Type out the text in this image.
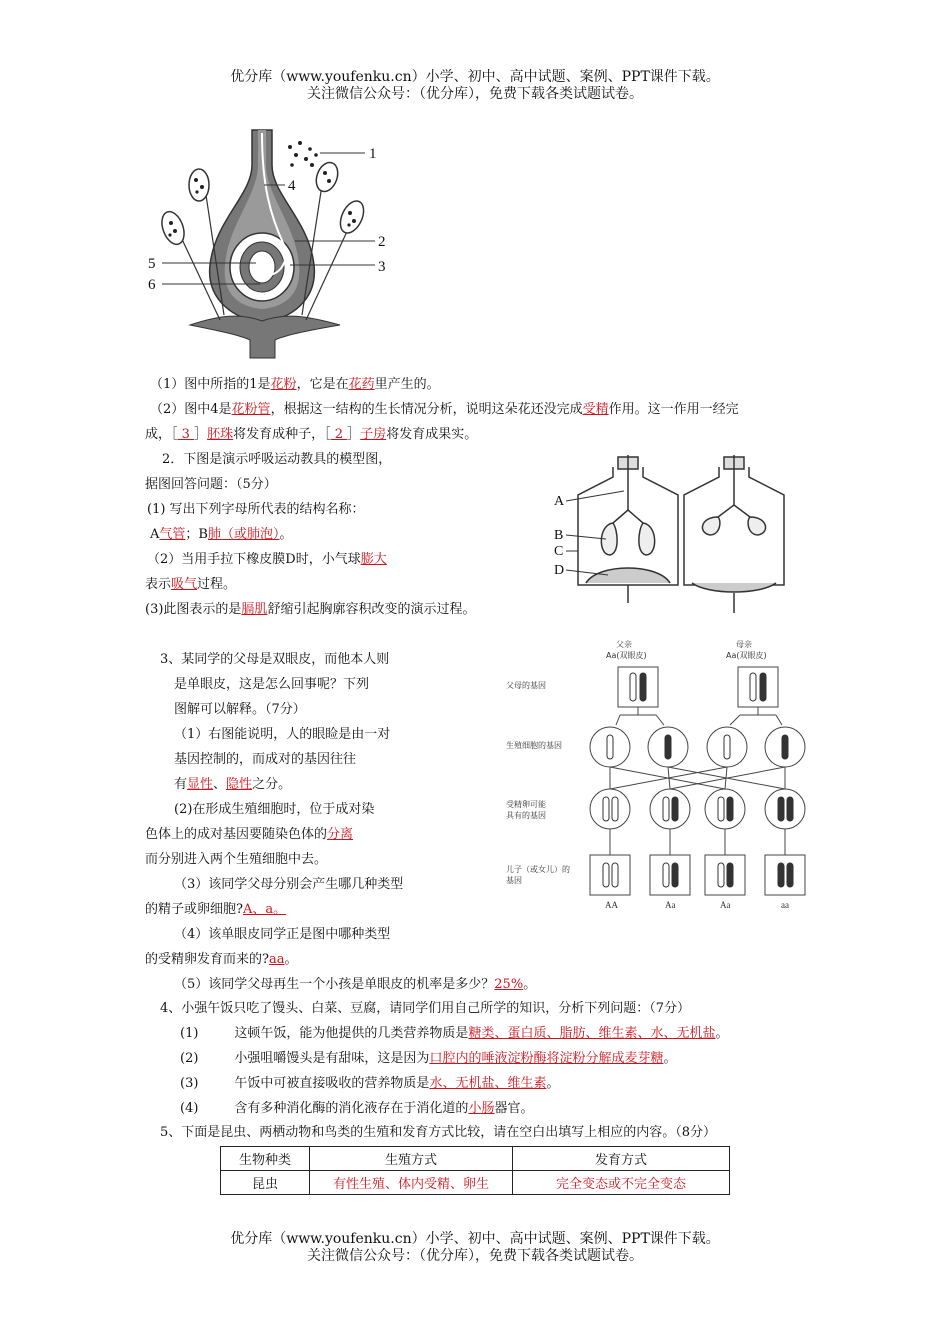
优分库（www.youfenku.cn）小学、初中、高中试题、案例、PPT课件下载。
关注微信公众号：（优分库），免费下载各类试题试卷。
1
2
3
4
5
6
（1）图中所指的1是花粉，它是在花药里产生的。
（2）图中4是花粉管，根据这一结构的生长情况分析，说明这朵花还没完成受精作用。这一作用一经完
成，［ 3 ］胚珠将发育成种子，［ 2 ］子房将发育成果实。
2．下图是演示呼吸运动教具的模型图，
据图回答问题：（5分）
(1) 写出下列字母所代表的结构名称：
A气管；B肺（或肺泡）。
（2）当用手拉下橡皮膜D时，小气球膨大
表示吸气过程。
(3)此图表示的是膈肌舒缩引起胸廓容积改变的演示过程。
A
B
C
D
3、某同学的父母是双眼皮，而他本人则
是单眼皮，这是怎么回事呢？下列
图解可以解释。（7分）
（1）右图能说明，人的眼睑是由一对
基因控制的，而成对的基因往往
有显性、隐性之分。
(2)在形成生殖细胞时，位于成对染
色体上的成对基因要随染色体的分离
而分别进入两个生殖细胞中去。
（3）该同学父母分别会产生哪几种类型
的精子或卵细胞?A、a。
（4）该单眼皮同学正是图中哪种类型
的受精卵发育而来的?aa。
（5）该同学父母再生一个小孩是单眼皮的机率是多少？25%。
父亲
Aa(双眼皮)
母亲
Aa(双眼皮)
父母的基因
生殖细胞的基因
受精卵可能
具有的基因
儿子（或女儿）的
基因
AA	Aa	Aa	aa
4、小强午饭只吃了馒头、白菜、豆腐，请同学们用自己所学的知识，分析下列问题：（7分）
(1)	这顿午饭，能为他提供的几类营养物质是糖类、蛋白质、脂肪、维生素、水、无机盐。
(2)	小强咀嚼馒头是有甜味，这是因为口腔内的唾液淀粉酶将淀粉分解成麦芽糖。
(3)	午饭中可被直接吸收的营养物质是水、无机盐、维生素。
(4)	含有多种消化酶的消化液存在于消化道的小肠器官。
5、下面是昆虫、两栖动物和鸟类的生殖和发育方式比较，请在空白出填写上相应的内容。（8分）
生物种类	生殖方式	发育方式
昆虫	有性生殖、体内受精、卵生	完全变态或不完全变态
优分库（www.youfenku.cn）小学、初中、高中试题、案例、PPT课件下载。
关注微信公众号：（优分库），免费下载各类试题试卷。
